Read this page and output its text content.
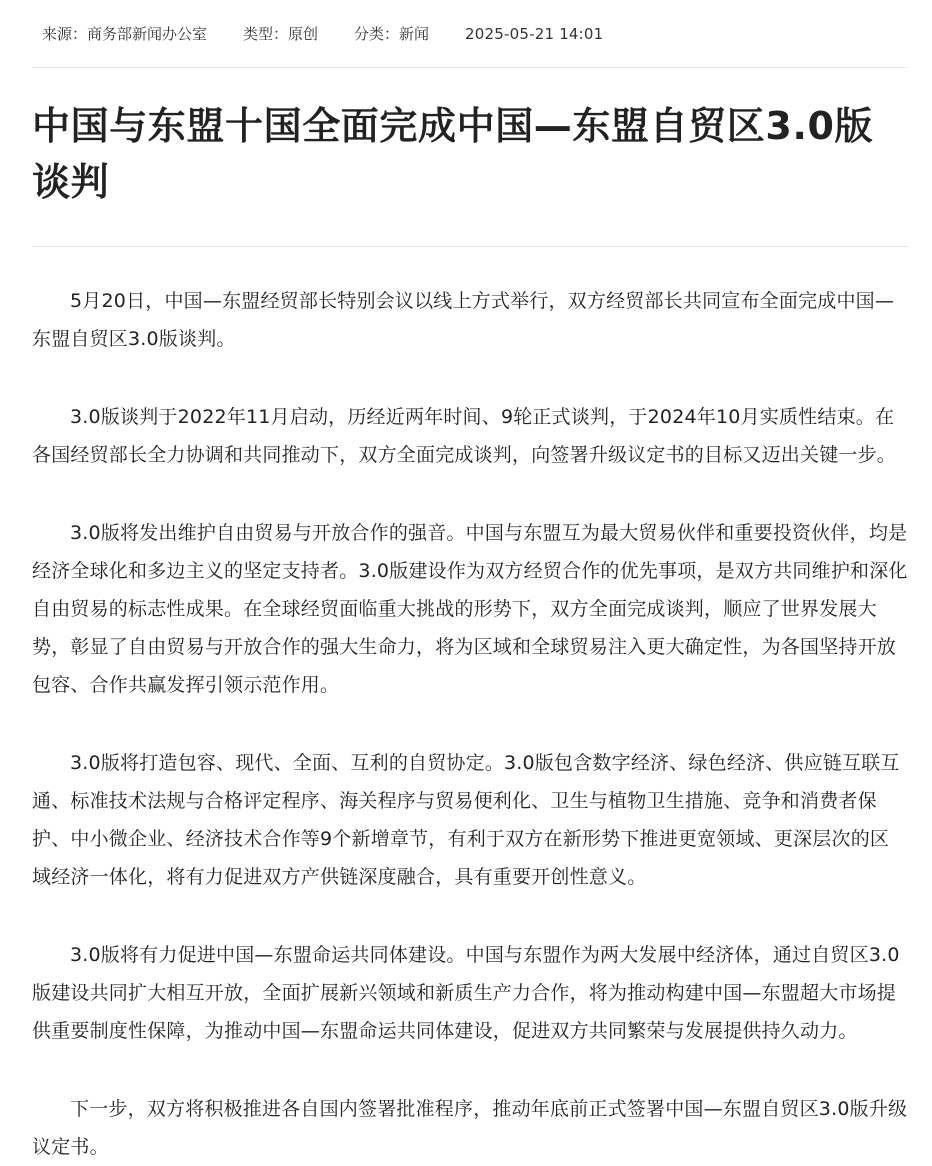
来源：商务部新闻办公室 类型：原创 分类：新闻 2025-05-21 14:01
中国与东盟十国全面完成中国—东盟自贸区3.0版谈判

5月20日，中国—东盟经贸部长特别会议以线上方式举行，双方经贸部长共同宣布全面完成中国—东盟自贸区3.0版谈判。

3.0版谈判于2022年11月启动，历经近两年时间、9轮正式谈判，于2024年10月实质性结束。在各国经贸部长全力协调和共同推动下，双方全面完成谈判，向签署升级议定书的目标又迈出关键一步。

3.0版将发出维护自由贸易与开放合作的强音。中国与东盟互为最大贸易伙伴和重要投资伙伴，均是经济全球化和多边主义的坚定支持者。3.0版建设作为双方经贸合作的优先事项，是双方共同维护和深化自由贸易的标志性成果。在全球经贸面临重大挑战的形势下，双方全面完成谈判，顺应了世界发展大势，彰显了自由贸易与开放合作的强大生命力，将为区域和全球贸易注入更大确定性，为各国坚持开放包容、合作共赢发挥引领示范作用。

3.0版将打造包容、现代、全面、互利的自贸协定。3.0版包含数字经济、绿色经济、供应链互联互通、标准技术法规与合格评定程序、海关程序与贸易便利化、卫生与植物卫生措施、竞争和消费者保护、中小微企业、经济技术合作等9个新增章节，有利于双方在新形势下推进更宽领域、更深层次的区域经济一体化，将有力促进双方产供链深度融合，具有重要开创性意义。

3.0版将有力促进中国—东盟命运共同体建设。中国与东盟作为两大发展中经济体，通过自贸区3.0版建设共同扩大相互开放，全面扩展新兴领域和新质生产力合作，将为推动构建中国—东盟超大市场提供重要制度性保障，为推动中国—东盟命运共同体建设，促进双方共同繁荣与发展提供持久动力。

下一步，双方将积极推进各自国内签署批准程序，推动年底前正式签署中国—东盟自贸区3.0版升级议定书。
